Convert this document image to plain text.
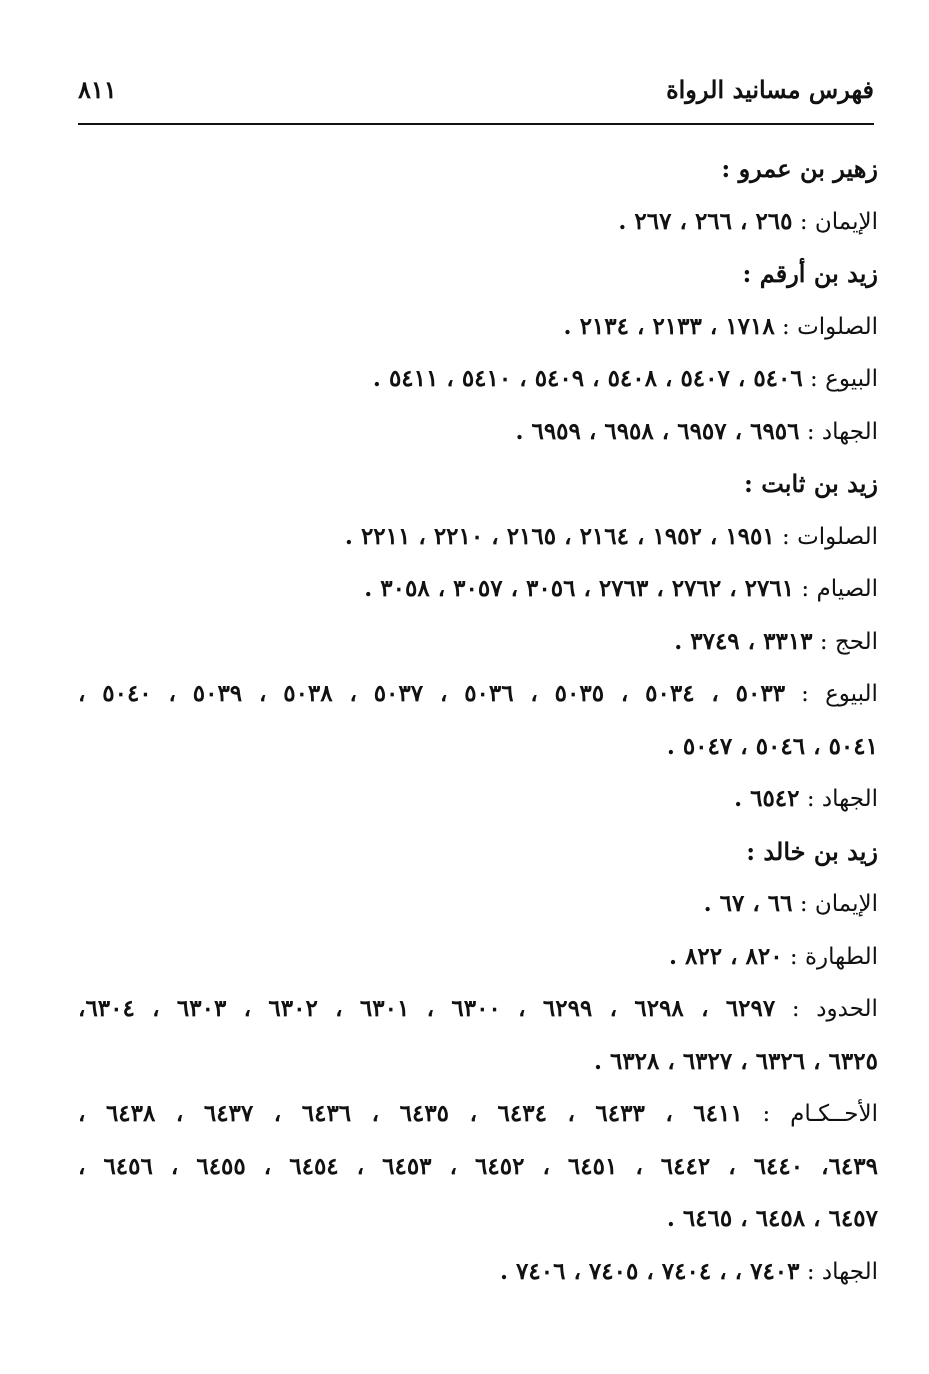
فهرس مسانيد الرواة
٨١١
زهير بن عمرو :
الإيمان : ٢٦٥ ، ٢٦٦ ، ٢٦٧ .
زيد بن أرقم :
الصلوات : ١٧١٨ ، ٢١٣٣ ، ٢١٣٤ .
البيوع : ٥٤٠٦ ، ٥٤٠٧ ، ٥٤٠٨ ، ٥٤٠٩ ، ٥٤١٠ ، ٥٤١١ .
الجهاد : ٦٩٥٦ ، ٦٩٥٧ ، ٦٩٥٨ ، ٦٩٥٩ .
زيد بن ثابت :
الصلوات : ١٩٥١ ، ١٩٥٢ ، ٢١٦٤ ، ٢١٦٥ ، ٢٢١٠ ، ٢٢١١ .
الصيام : ٢٧٦١ ، ٢٧٦٢ ، ٢٧٦٣ ، ٣٠٥٦ ، ٣٠٥٧ ، ٣٠٥٨ .
الحج : ٣٣١٣ ، ٣٧٤٩ .
البيوع : ٥٠٣٣ ، ٥٠٣٤ ، ٥٠٣٥ ، ٥٠٣٦ ، ٥٠٣٧ ، ٥٠٣٨ ، ٥٠٣٩ ، ٥٠٤٠ ،
٥٠٤١ ، ٥٠٤٦ ، ٥٠٤٧ .
الجهاد : ٦٥٤٢ .
زيد بن خالد :
الإيمان : ٦٦ ، ٦٧ .
الطهارة : ٨٢٠ ، ٨٢٢ .
الحدود : ٦٢٩٧ ، ٦٢٩٨ ، ٦٢٩٩ ، ٦٣٠٠ ، ٦٣٠١ ، ٦٣٠٢ ، ٦٣٠٣ ، ٦٣٠٤،
٦٣٢٥ ، ٦٣٢٦ ، ٦٣٢٧ ، ٦٣٢٨ .
الأحــكـام : ٦٤١١ ، ٦٤٣٣ ، ٦٤٣٤ ، ٦٤٣٥ ، ٦٤٣٦ ، ٦٤٣٧ ، ٦٤٣٨ ،
٦٤٣٩، ٦٤٤٠ ، ٦٤٤٢ ، ٦٤٥١ ، ٦٤٥٢ ، ٦٤٥٣ ، ٦٤٥٤ ، ٦٤٥٥ ، ٦٤٥٦ ،
٦٤٥٧ ، ٦٤٥٨ ، ٦٤٦٥ .
الجهاد : ٧٤٠٣ ، ، ٧٤٠٤ ، ٧٤٠٥ ، ٧٤٠٦ .
